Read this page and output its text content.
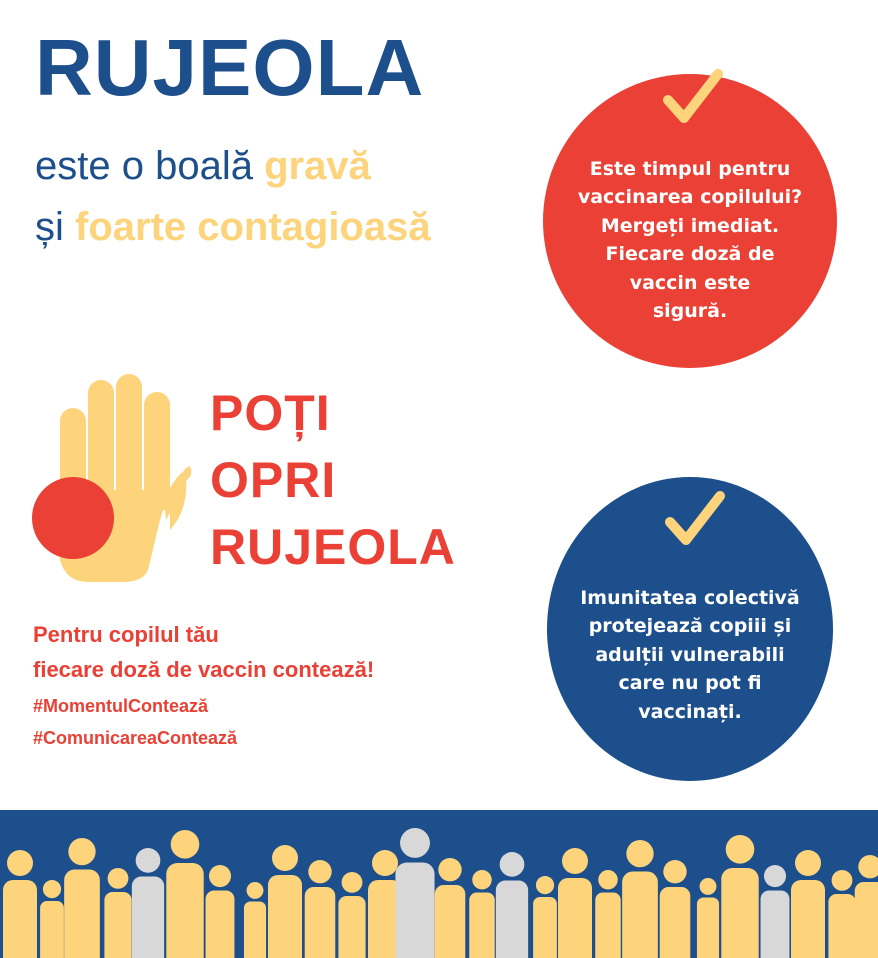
RUJEOLA
este o boală gravă
și foarte contagioasă
Este timpul pentru
vaccinarea copilului?
Mergeți imediat.
Fiecare doză de
vaccin este
sigură.
POȚI
OPRI
RUJEOLA
Pentru copilul tău
fiecare doză de vaccin contează!
#MomentulContează
#ComunicareaContează
Imunitatea colectivă
protejează copiii și
adulții vulnerabili
care nu pot fi
vaccinați.
